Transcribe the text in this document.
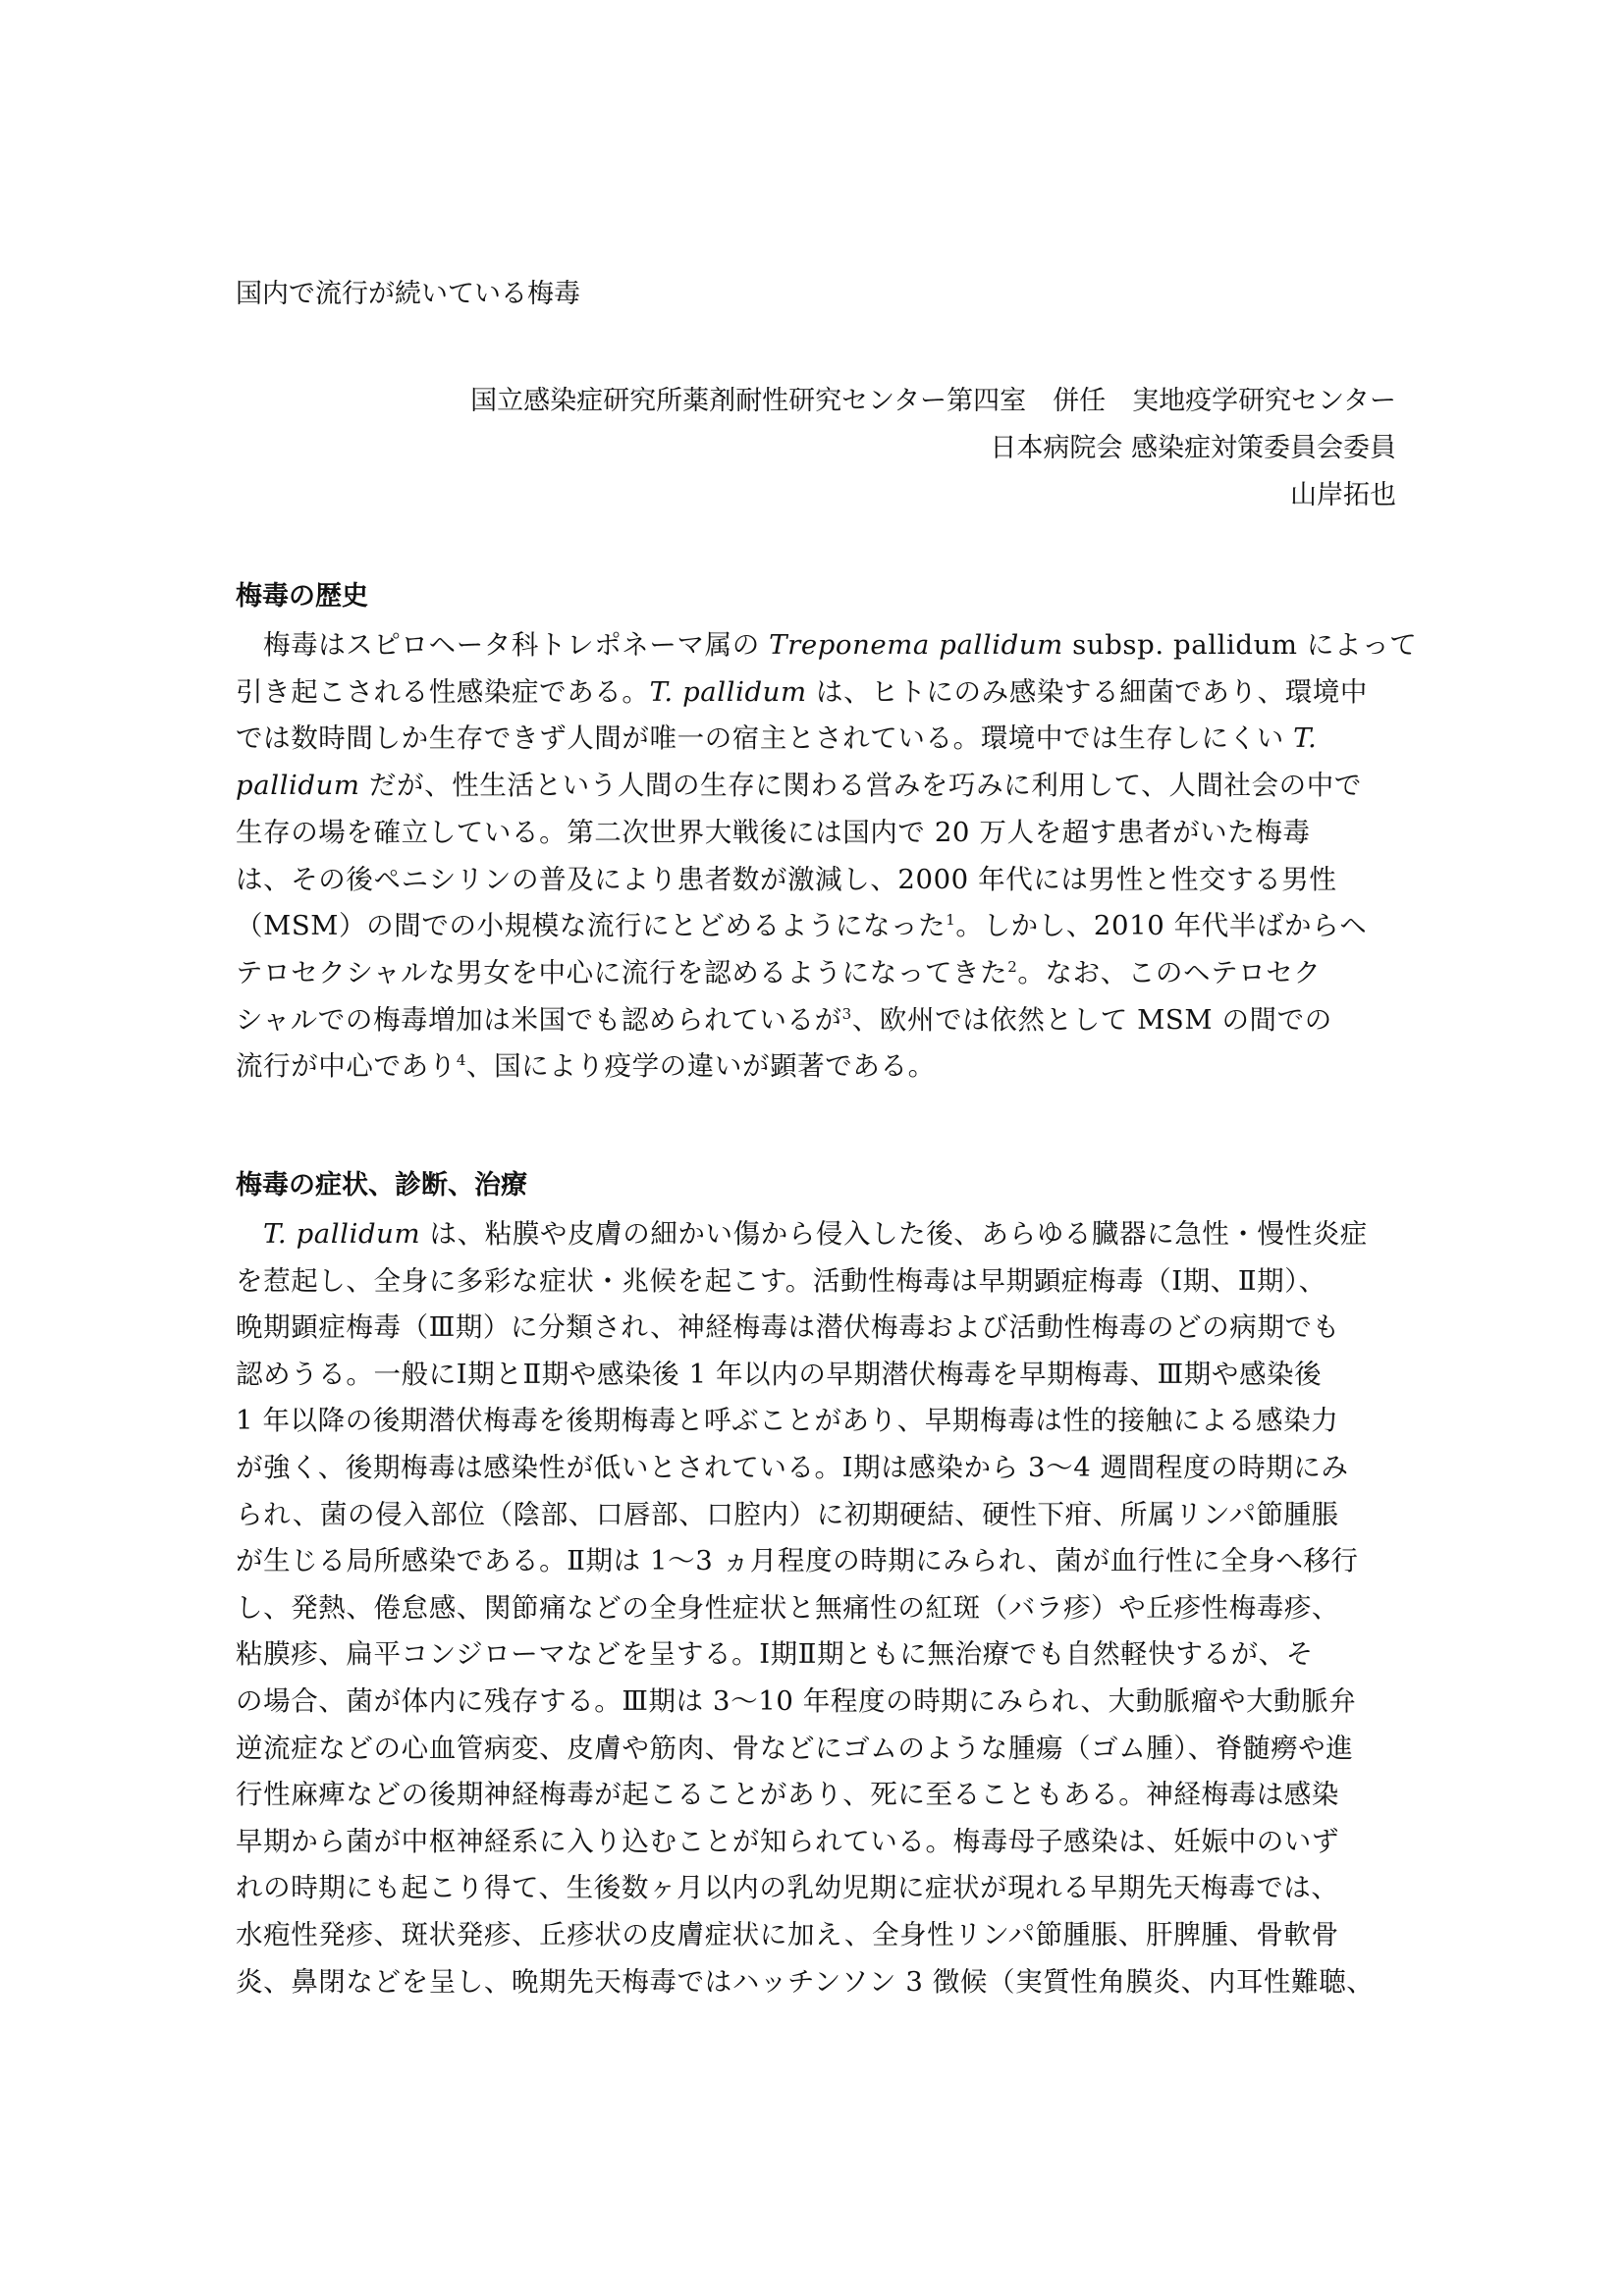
国内で流行が続いている梅毒
国立感染症研究所薬剤耐性研究センター第四室　併任　実地疫学研究センター
日本病院会 感染症対策委員会委員
山岸拓也
梅毒の歴史
梅毒はスピロヘータ科トレポネーマ属の Treponema pallidum subsp. pallidum によって
引き起こされる性感染症である。T. pallidum は、ヒトにのみ感染する細菌であり、環境中
では数時間しか生存できず人間が唯一の宿主とされている。環境中では生存しにくい T.
pallidum だが、性生活という人間の生存に関わる営みを巧みに利用して、人間社会の中で
生存の場を確立している。第二次世界大戦後には国内で 20 万人を超す患者がいた梅毒
は、その後ペニシリンの普及により患者数が激減し、2000 年代には男性と性交する男性
（MSM）の間での小規模な流行にとどめるようになった$^1$。しかし、2010 年代半ばからヘ
テロセクシャルな男女を中心に流行を認めるようになってきた$^2$。なお、このヘテロセク
シャルでの梅毒増加は米国でも認められているが$^3$、欧州では依然として MSM の間での
流行が中心であり$^4$、国により疫学の違いが顕著である。
梅毒の症状、診断、治療
T. pallidum は、粘膜や皮膚の細かい傷から侵入した後、あらゆる臓器に急性・慢性炎症
を惹起し、全身に多彩な症状・兆候を起こす。活動性梅毒は早期顕症梅毒（Ⅰ期、Ⅱ期）、
晩期顕症梅毒（Ⅲ期）に分類され、神経梅毒は潜伏梅毒および活動性梅毒のどの病期でも
認めうる。一般にⅠ期とⅡ期や感染後 1 年以内の早期潜伏梅毒を早期梅毒、Ⅲ期や感染後
1 年以降の後期潜伏梅毒を後期梅毒と呼ぶことがあり、早期梅毒は性的接触による感染力
が強く、後期梅毒は感染性が低いとされている。Ⅰ期は感染から 3～4 週間程度の時期にみ
られ、菌の侵入部位（陰部、口唇部、口腔内）に初期硬結、硬性下疳、所属リンパ節腫脹
が生じる局所感染である。Ⅱ期は 1～3 ヵ月程度の時期にみられ、菌が血行性に全身へ移行
し、発熱、倦怠感、関節痛などの全身性症状と無痛性の紅斑（バラ疹）や丘疹性梅毒疹、
粘膜疹、扁平コンジローマなどを呈する。Ⅰ期Ⅱ期ともに無治療でも自然軽快するが、そ
の場合、菌が体内に残存する。Ⅲ期は 3～10 年程度の時期にみられ、大動脈瘤や大動脈弁
逆流症などの心血管病変、皮膚や筋肉、骨などにゴムのような腫瘍（ゴム腫）、脊髄癆や進
行性麻痺などの後期神経梅毒が起こることがあり、死に至ることもある。神経梅毒は感染
早期から菌が中枢神経系に入り込むことが知られている。梅毒母子感染は、妊娠中のいず
れの時期にも起こり得て、生後数ヶ月以内の乳幼児期に症状が現れる早期先天梅毒では、
水疱性発疹、斑状発疹、丘疹状の皮膚症状に加え、全身性リンパ節腫脹、肝脾腫、骨軟骨
炎、鼻閉などを呈し、晩期先天梅毒ではハッチンソン 3 徴候（実質性角膜炎、内耳性難聴、
